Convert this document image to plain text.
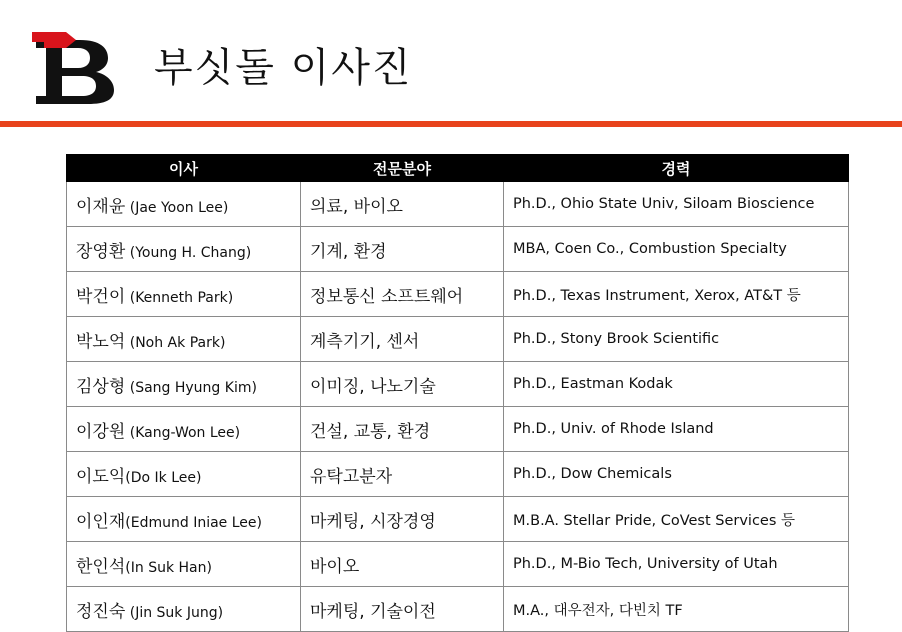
부싯돌 이사진
이사	전문분야	경력
이재윤 (Jae Yoon Lee)	의료, 바이오	Ph.D., Ohio State Univ, Siloam Bioscience
장영환 (Young H. Chang)	기계, 환경	MBA, Coen Co., Combustion Specialty
박건이 (Kenneth Park)	정보통신 소프트웨어	Ph.D., Texas Instrument, Xerox, AT&T 등
박노억 (Noh Ak Park)	계측기기, 센서	Ph.D., Stony Brook Scientific
김상형 (Sang Hyung Kim)	이미징, 나노기술	Ph.D., Eastman Kodak
이강원 (Kang-Won Lee)	건설, 교통, 환경	Ph.D., Univ. of Rhode Island
이도익(Do Ik Lee)	유탁고분자	Ph.D., Dow Chemicals
이인재(Edmund Iniae Lee)	마케팅, 시장경영	M.B.A. Stellar Pride, CoVest Services 등
한인석(In Suk Han)	바이오	Ph.D., M-Bio Tech, University of Utah
정진숙 (Jin Suk Jung)	마케팅, 기술이전	M.A., 대우전자, 다빈치 TF
